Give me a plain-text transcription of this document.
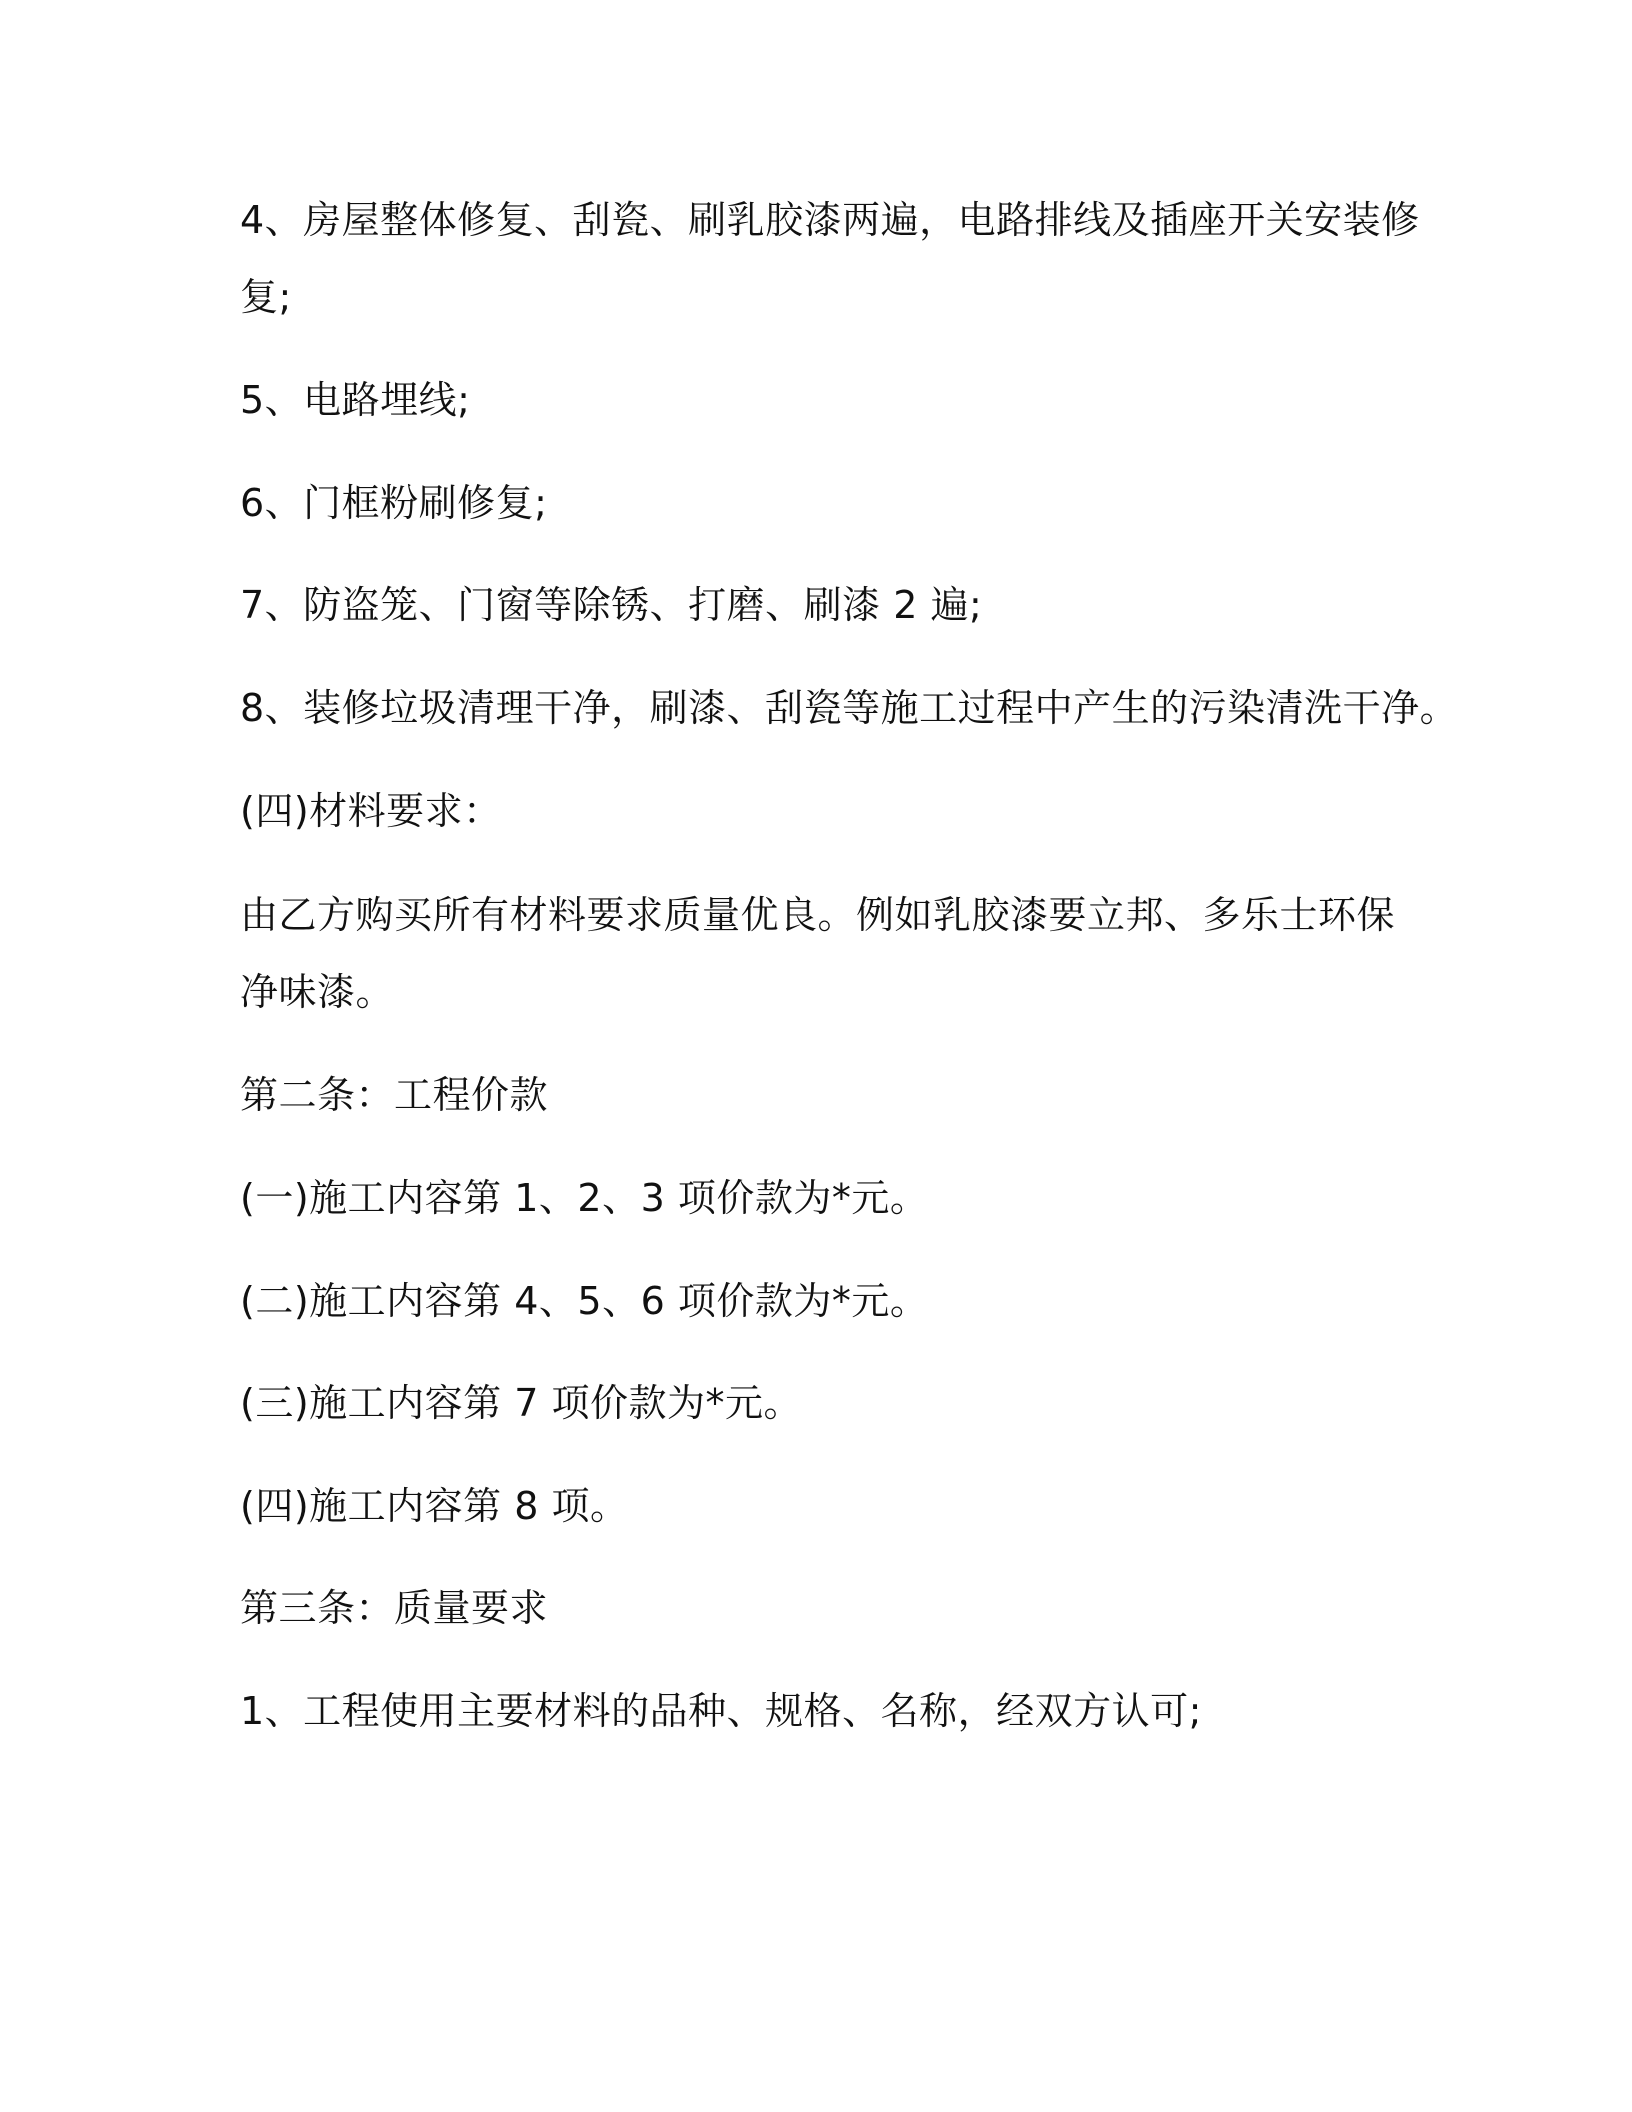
4、房屋整体修复、刮瓷、刷乳胶漆两遍，电路排线及插座开关安装修
复;
5、电路埋线;
6、门框粉刷修复;
7、防盗笼、门窗等除锈、打磨、刷漆 2 遍;
8、装修垃圾清理干净，刷漆、刮瓷等施工过程中产生的污染清洗干净。
(四)材料要求：
由乙方购买所有材料要求质量优良。例如乳胶漆要立邦、多乐士环保
净味漆。
第二条：工程价款
(一)施工内容第 1、2、3 项价款为*元。
(二)施工内容第 4、5、6 项价款为*元。
(三)施工内容第 7 项价款为*元。
(四)施工内容第 8 项。
第三条：质量要求
1、工程使用主要材料的品种、规格、名称，经双方认可;
